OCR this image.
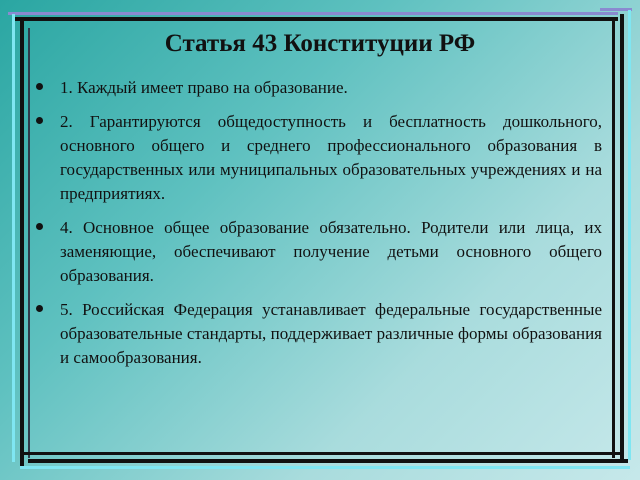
Статья 43 Конституции РФ
1. Каждый имеет право на образование.
2. Гарантируются общедоступность и бесплатность дошкольного, основного общего и среднего профессионального образования в государственных или муниципальных образовательных учреждениях и на предприятиях.
4. Основное общее образование обязательно. Родители или лица, их заменяющие, обеспечивают получение детьми основного общего образования.
5. Российская Федерация устанавливает федеральные государственные образовательные стандарты, поддерживает различные формы образования и самообразования.
